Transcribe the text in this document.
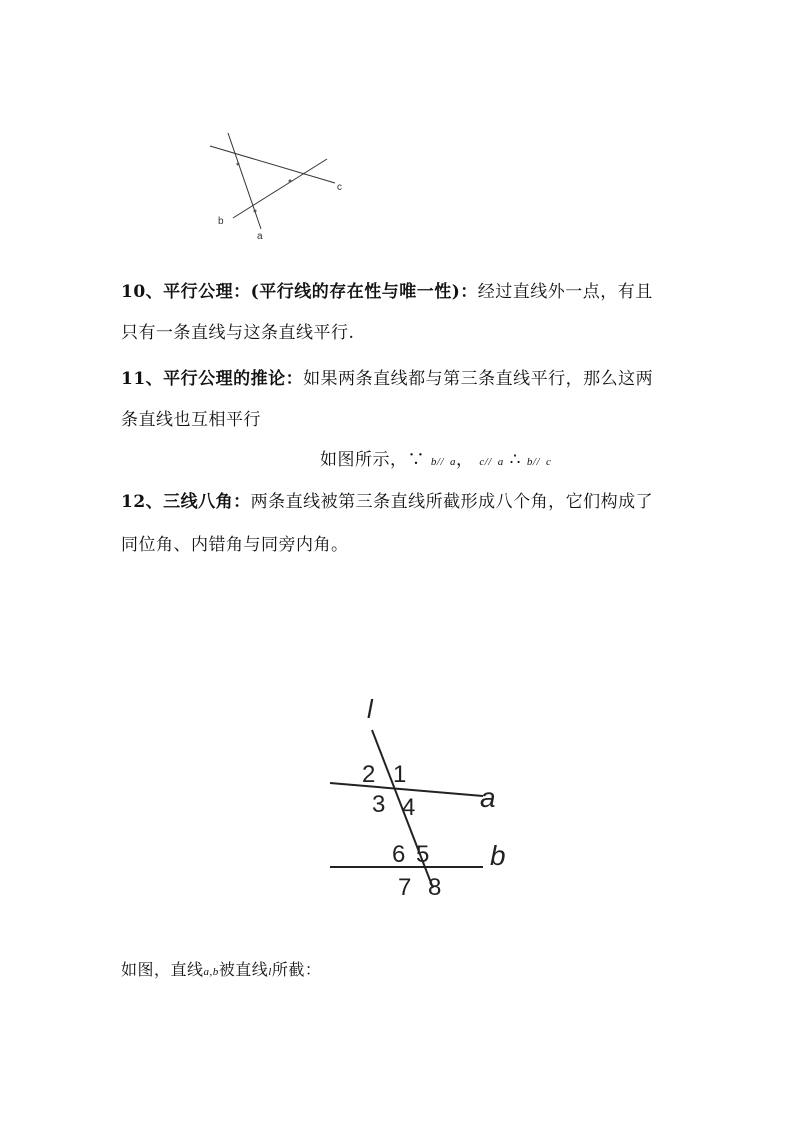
c
b
a
10、平行公理：(平行线的存在性与唯一性)：经过直线外一点，有且
只有一条直线与这条直线平行.
11、平行公理的推论：如果两条直线都与第三条直线平行，那么这两
条直线也互相平行
如图所示，∵ b// a， c// a ∴ b// c
12、三线八角：两条直线被第三条直线所截形成八个角，它们构成了
同位角、内错角与同旁内角。
l
a
b
2 1
3 4
6 5
7 8
如图，直线a,b被直线l所截：
